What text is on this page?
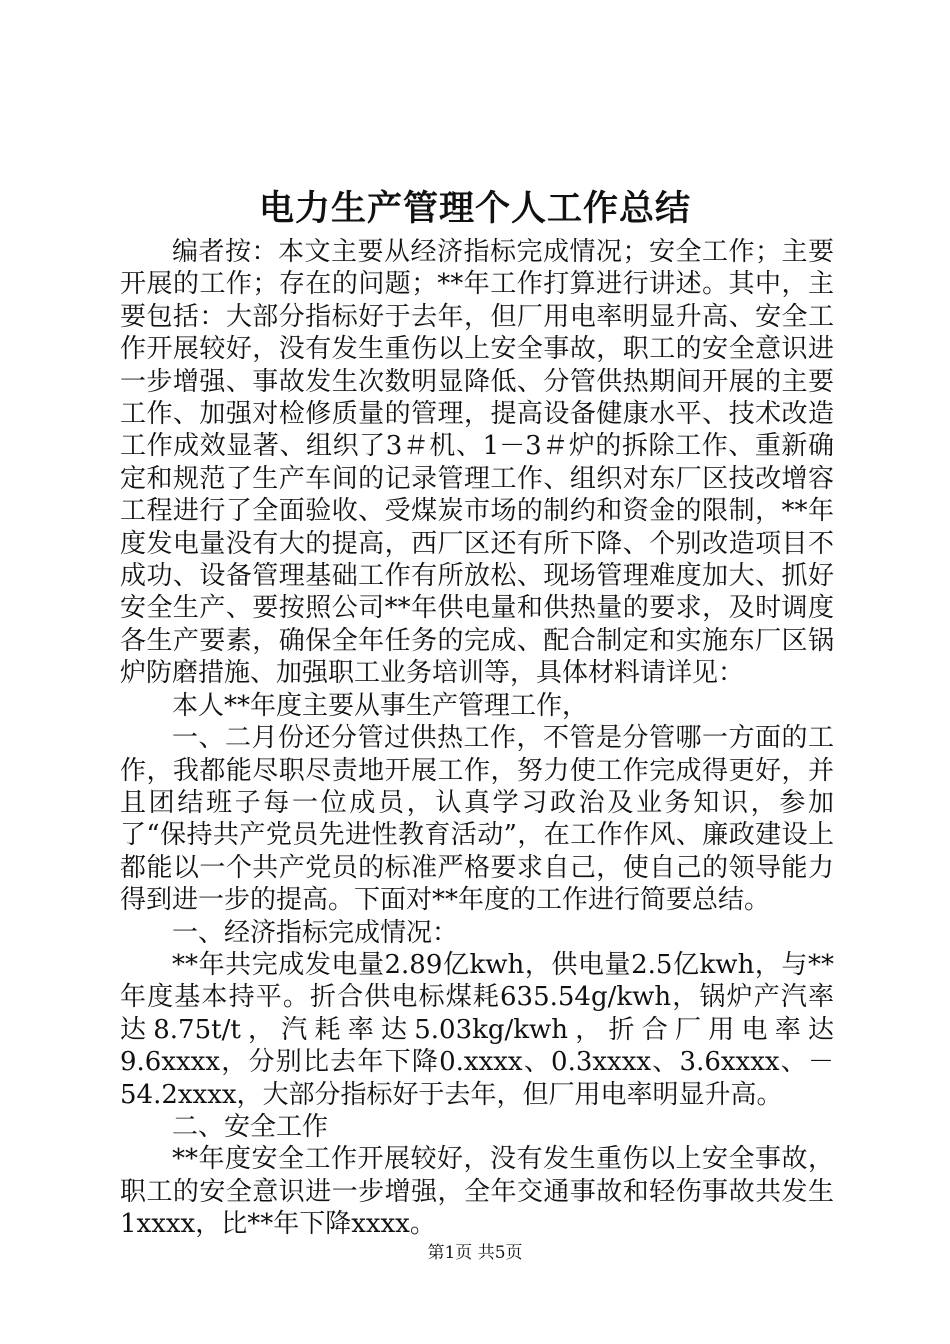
电力生产管理个人工作总结

编者按：本文主要从经济指标完成情况；安全工作；主要开展的工作；存在的问题；**年工作打算进行讲述。其中，主要包括：大部分指标好于去年，但厂用电率明显升高、安全工作开展较好，没有发生重伤以上安全事故，职工的安全意识进一步增强、事故发生次数明显降低、分管供热期间开展的主要工作、加强对检修质量的管理，提高设备健康水平、技术改造工作成效显著、组织了3＃机、1－3＃炉的拆除工作、重新确定和规范了生产车间的记录管理工作、组织对东厂区技改增容工程进行了全面验收、受煤炭市场的制约和资金的限制，**年度发电量没有大的提高，西厂区还有所下降、个别改造项目不成功、设备管理基础工作有所放松、现场管理难度加大、抓好安全生产、要按照公司**年供电量和供热量的要求，及时调度各生产要素，确保全年任务的完成、配合制定和实施东厂区锅炉防磨措施、加强职工业务培训等，具体材料请详见：

本人**年度主要从事生产管理工作，

一、二月份还分管过供热工作，不管是分管哪一方面的工作，我都能尽职尽责地开展工作，努力使工作完成得更好，并且团结班子每一位成员，认真学习政治及业务知识，参加了“保持共产党员先进性教育活动”，在工作作风、廉政建设上都能以一个共产党员的标准严格要求自己，使自己的领导能力得到进一步的提高。下面对**年度的工作进行简要总结。

一、经济指标完成情况：

**年共完成发电量2.89亿kwh，供电量2.5亿kwh，与**年度基本持平。折合供电标煤耗635.54g/kwh，锅炉产汽率达8.75t/t，汽耗率达5.03kg/kwh，折合厂用电率达9.6xxxx，分别比去年下降0.xxxx、0.3xxxx、3.6xxxx、－54.2xxxx，大部分指标好于去年，但厂用电率明显升高。

二、安全工作

**年度安全工作开展较好，没有发生重伤以上安全事故，职工的安全意识进一步增强，全年交通事故和轻伤事故共发生1xxxx，比**年下降xxxx。

第1页 共5页
